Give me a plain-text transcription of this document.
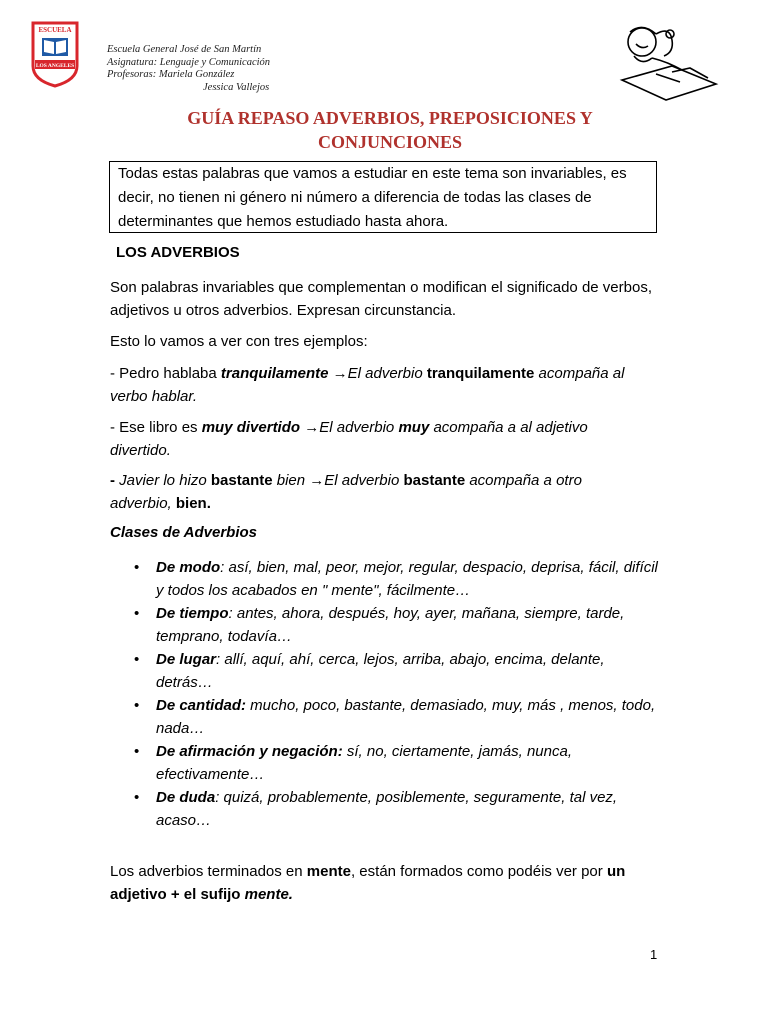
ESCUELA
LOS ANGELES
Escuela General José de San Martín
Asignatura: Lenguaje y Comunicación
Profesoras: Mariela González
Jessica Vallejos
GUÍA REPASO ADVERBIOS, PREPOSICIONES Y
CONJUNCIONES
Todas estas palabras que vamos a estudiar en este tema son invariables, es decir, no tienen ni género ni número a diferencia de todas las clases de determinantes que hemos estudiado hasta ahora.
LOS ADVERBIOS
Son palabras invariables que complementan o modifican el significado de verbos, adjetivos u otros adverbios. Expresan circunstancia.
Esto lo vamos a ver con tres ejemplos:
- Pedro hablaba tranquilamente →El adverbio tranquilamente acompaña al verbo hablar.
- Ese libro es muy divertido →El adverbio muy acompaña a al adjetivo divertido.
- Javier lo hizo bastante bien →El adverbio bastante acompaña a otro adverbio, bien.
Clases de Adverbios
• De modo: así, bien, mal, peor, mejor, regular, despacio, deprisa, fácil, difícil y todos los acabados en " mente", fácilmente…
• De tiempo: antes, ahora, después, hoy, ayer, mañana, siempre, tarde, temprano, todavía…
• De lugar: allí, aquí, ahí, cerca, lejos, arriba, abajo, encima, delante, detrás…
• De cantidad: mucho, poco, bastante, demasiado, muy, más , menos, todo, nada…
• De afirmación y negación: sí, no, ciertamente, jamás, nunca, efectivamente…
• De duda: quizá, probablemente, posiblemente, seguramente, tal vez, acaso…
Los adverbios terminados en mente, están formados como podéis ver por un adjetivo + el sufijo mente.
1
